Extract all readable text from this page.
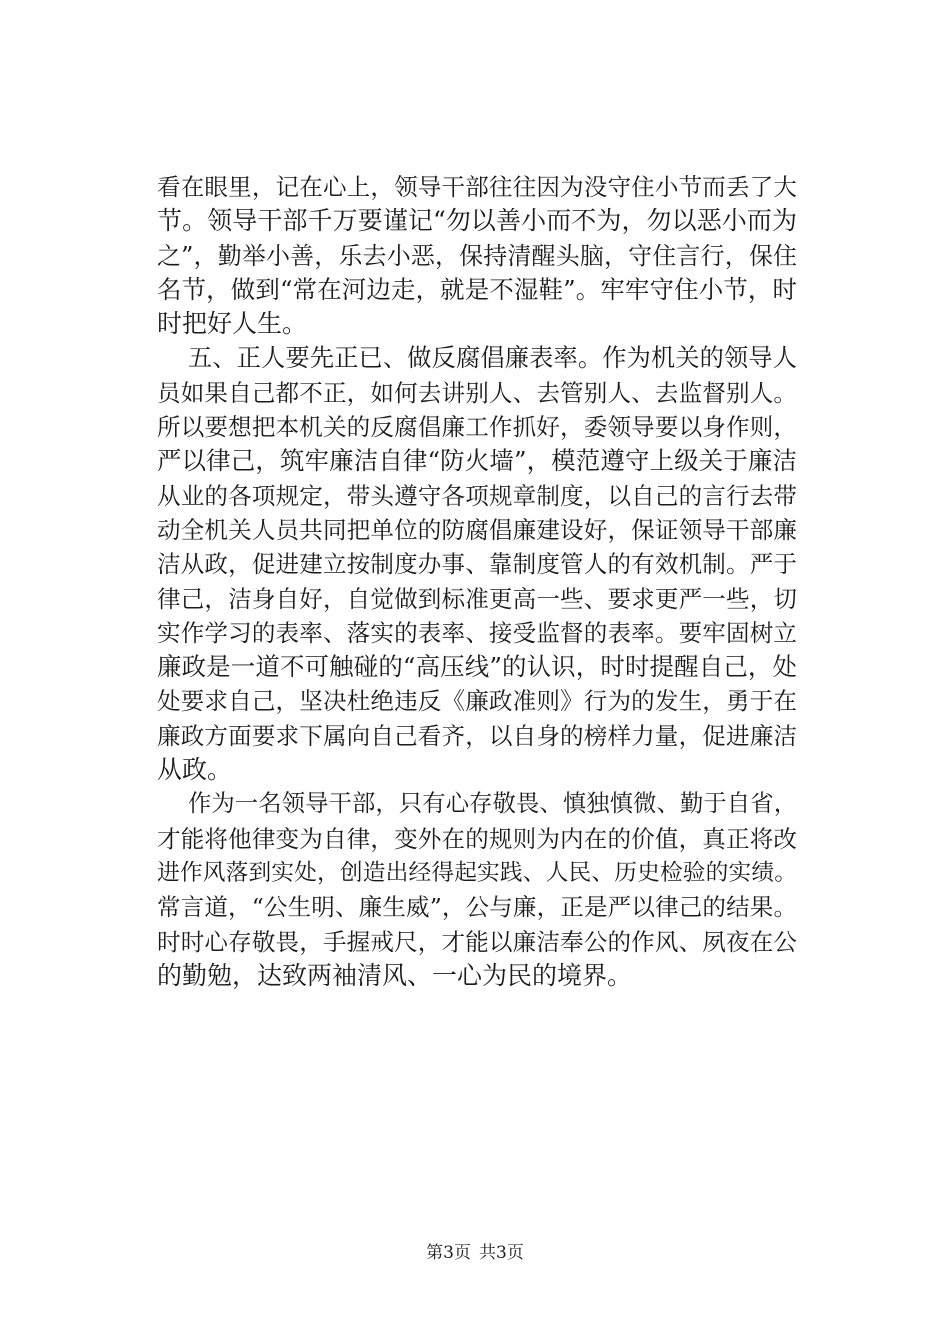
看在眼里，记在心上，领导干部往往因为没守住小节而丢了大
节。领导干部千万要谨记“勿以善小而不为，勿以恶小而为
之”，勤举小善，乐去小恶，保持清醒头脑，守住言行，保住
名节，做到“常在河边走，就是不湿鞋”。牢牢守住小节，时
时把好人生。
五、正人要先正已、做反腐倡廉表率。作为机关的领导人
员如果自己都不正，如何去讲别人、去管别人、去监督别人。
所以要想把本机关的反腐倡廉工作抓好，委领导要以身作则，
严以律己，筑牢廉洁自律“防火墙”，模范遵守上级关于廉洁
从业的各项规定，带头遵守各项规章制度，以自己的言行去带
动全机关人员共同把单位的防腐倡廉建设好，保证领导干部廉
洁从政，促进建立按制度办事、靠制度管人的有效机制。严于
律己，洁身自好，自觉做到标准更高一些、要求更严一些，切
实作学习的表率、落实的表率、接受监督的表率。要牢固树立
廉政是一道不可触碰的“高压线”的认识，时时提醒自己，处
处要求自己，坚决杜绝违反《廉政准则》行为的发生，勇于在
廉政方面要求下属向自己看齐，以自身的榜样力量，促进廉洁
从政。
作为一名领导干部，只有心存敬畏、慎独慎微、勤于自省，
才能将他律变为自律，变外在的规则为内在的价值，真正将改
进作风落到实处，创造出经得起实践、人民、历史检验的实绩。
常言道，“公生明、廉生威”，公与廉，正是严以律己的结果。
时时心存敬畏，手握戒尺，才能以廉洁奉公的作风、夙夜在公
的勤勉，达致两袖清风、一心为民的境界。
第3页 共3页
